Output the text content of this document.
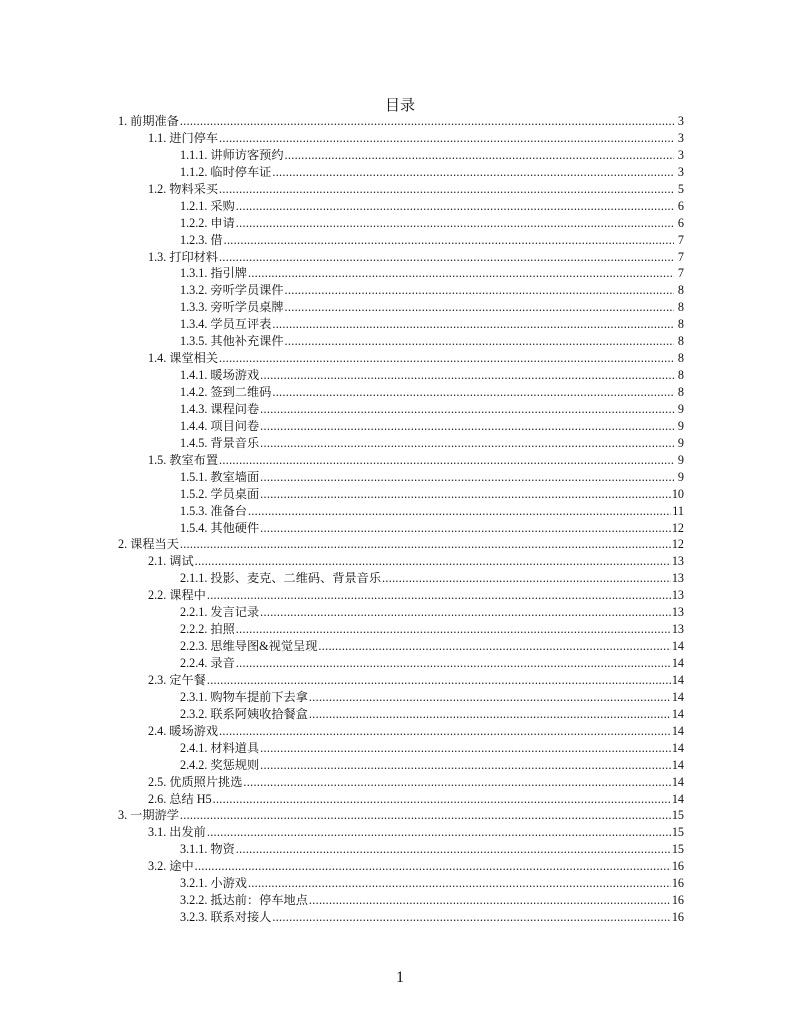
目录
1. 前期准备 .....	3
1.1. 进门停车 .....	3
1.1.1. 讲师访客预约 .....	3
1.1.2. 临时停车证 .....	3
1.2. 物料采买 .....	5
1.2.1. 采购 .....	6
1.2.2. 申请 .....	6
1.2.3. 借 .....	7
1.3. 打印材料 .....	7
1.3.1. 指引牌 .....	7
1.3.2. 旁听学员课件 .....	8
1.3.3. 旁听学员桌牌 .....	8
1.3.4. 学员互评表 .....	8
1.3.5. 其他补充课件 .....	8
1.4. 课堂相关 .....	8
1.4.1. 暖场游戏 .....	8
1.4.2. 签到二维码 .....	8
1.4.3. 课程问卷 .....	9
1.4.4. 项目问卷 .....	9
1.4.5. 背景音乐 .....	9
1.5. 教室布置 .....	9
1.5.1. 教室墙面 .....	9
1.5.2. 学员桌面 .....	10
1.5.3. 准备台 .....	11
1.5.4. 其他硬件 .....	12
2. 课程当天 .....	12
2.1. 调试 .....	13
2.1.1. 投影、麦克、二维码、背景音乐 .....	13
2.2. 课程中 .....	13
2.2.1. 发言记录 .....	13
2.2.2. 拍照 .....	13
2.2.3. 思维导图&视觉呈现 .....	14
2.2.4. 录音 .....	14
2.3. 定午餐 .....	14
2.3.1. 购物车提前下去拿 .....	14
2.3.2. 联系阿姨收拾餐盒 .....	14
2.4. 暖场游戏 .....	14
2.4.1. 材料道具 .....	14
2.4.2. 奖惩规则 .....	14
2.5. 优质照片挑选 .....	14
2.6. 总结 H5 .....	14
3. 一期游学 .....	15
3.1. 出发前 .....	15
3.1.1. 物资 .....	15
3.2. 途中 .....	16
3.2.1. 小游戏 .....	16
3.2.2. 抵达前：停车地点 .....	16
3.2.3. 联系对接人 .....	16
1
